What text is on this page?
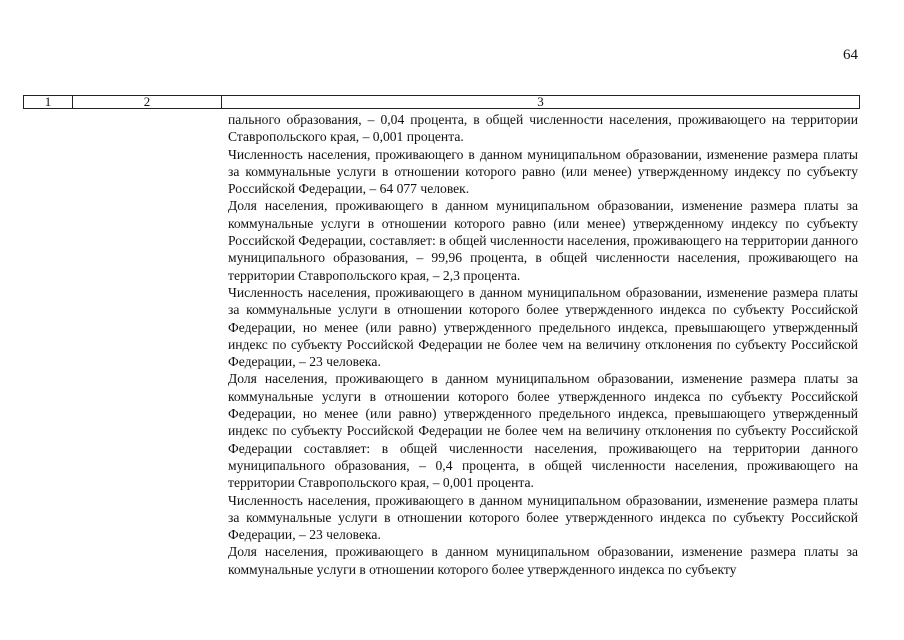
64
1	2	3

пального образования, – 0,04 процента, в общей численности населения, проживающего на территории Ставропольского края, – 0,001 процента.

Численность населения, проживающего в данном муниципальном образовании, изменение размера платы за коммунальные услуги в отношении которого равно (или менее) утвержденному индексу по субъекту Российской Федерации, – 64 077 человек.

Доля населения, проживающего в данном муниципальном образовании, изменение размера платы за коммунальные услуги в отношении которого равно (или менее) утвержденному индексу по субъекту Российской Федерации, составляет: в общей численности населения, проживающего на территории данного муниципального образования, – 99,96 процента, в общей численности населения, проживающего на территории Ставропольского края, – 2,3 процента.

Численность населения, проживающего в данном муниципальном образовании, изменение размера платы за коммунальные услуги в отношении которого более утвержденного индекса по субъекту Российской Федерации, но менее (или равно) утвержденного предельного индекса, превышающего утвержденный индекс по субъекту Российской Федерации не более чем на величину отклонения по субъекту Российской Федерации, – 23 человека.

Доля населения, проживающего в данном муниципальном образовании, изменение размера платы за коммунальные услуги в отношении которого более утвержденного индекса по субъекту Российской Федерации, но менее (или равно) утвержденного предельного индекса, превышающего утвержденный индекс по субъекту Российской Федерации не более чем на величину отклонения по субъекту Российской Федерации составляет: в общей численности населения, проживающего на территории данного муниципального образования, – 0,4 процента, в общей численности населения, проживающего на территории Ставропольского края, – 0,001 процента.

Численность населения, проживающего в данном муниципальном образовании, изменение размера платы за коммунальные услуги в отношении которого более утвержденного индекса по субъекту Российской Федерации, – 23 человека.

Доля населения, проживающего в данном муниципальном образовании, изменение размера платы за коммунальные услуги в отношении которого более утвержденного индекса по субъекту
